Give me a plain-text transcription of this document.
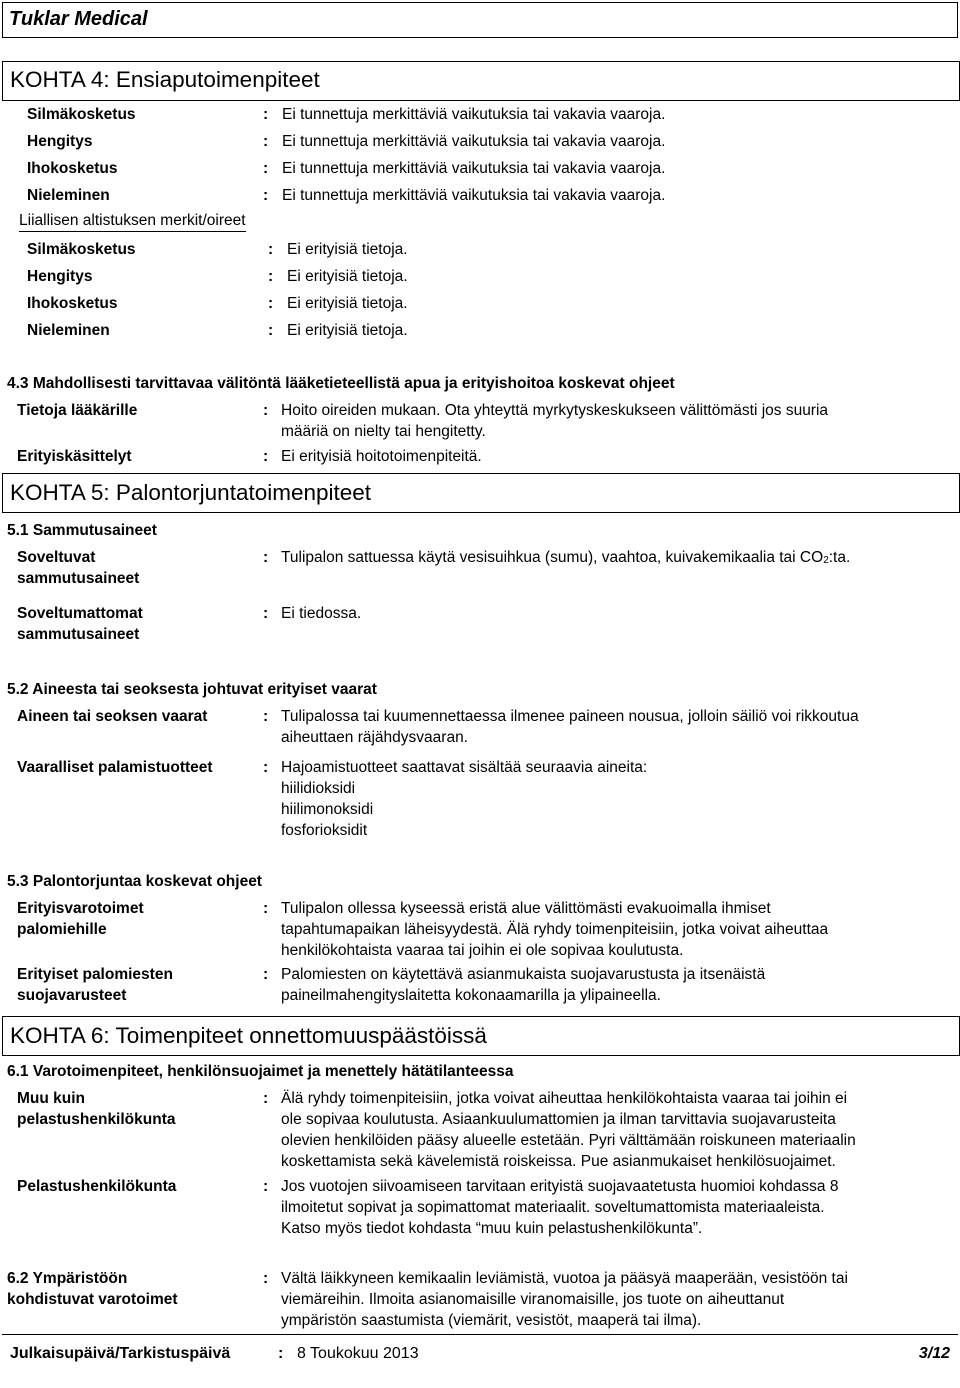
Tuklar Medical
KOHTA 4: Ensiaputoimenpiteet
Silmäkosketus	: Ei tunnettuja merkittäviä vaikutuksia tai vakavia vaaroja.
Hengitys	: Ei tunnettuja merkittäviä vaikutuksia tai vakavia vaaroja.
Ihokosketus	: Ei tunnettuja merkittäviä vaikutuksia tai vakavia vaaroja.
Nieleminen	: Ei tunnettuja merkittäviä vaikutuksia tai vakavia vaaroja.
Liiallisen altistuksen merkit/oireet
Silmäkosketus	: Ei erityisiä tietoja.
Hengitys	: Ei erityisiä tietoja.
Ihokosketus	: Ei erityisiä tietoja.
Nieleminen	: Ei erityisiä tietoja.
4.3 Mahdollisesti tarvittavaa välitöntä lääketieteellistä apua ja erityishoitoa koskevat ohjeet
Tietoja lääkärille	: Hoito oireiden mukaan. Ota yhteyttä myrkytyskeskukseen välittömästi jos suuria
määriä on nielty tai hengitetty.
Erityiskäsittelyt	: Ei erityisiä hoitotoimenpiteitä.
KOHTA 5: Palontorjuntatoimenpiteet
5.1 Sammutusaineet
Soveltuvat
sammutusaineet
: Tulipalon sattuessa käytä vesisuihkua (sumu), vaahtoa, kuivakemikaalia tai $CO_2:ta$.
Soveltumattomat
sammutusaineet
: Ei tiedossa.
5.2 Aineesta tai seoksesta johtuvat erityiset vaarat
Aineen tai seoksen vaarat	: Tulipalossa tai kuumennettaessa ilmenee paineen nousua, jolloin säiliö voi rikkoutua
aiheuttaen räjähdysvaaran.
Vaaralliset palamistuotteet	: Hajoamistuotteet saattavat sisältää seuraavia aineita:
hiilidioksidi
hiilimonoksidi
fosforioksidit
5.3 Palontorjuntaa koskevat ohjeet
Erityisvarotoimet
palomiehille
: Tulipalon ollessa kyseessä eristä alue välittömästi evakuoimalla ihmiset
tapahtumapaikan läheisyydestä. Älä ryhdy toimenpiteisiin, jotka voivat aiheuttaa
henkilökohtaista vaaraa tai joihin ei ole sopivaa koulutusta.
Erityiset palomiesten
suojavarusteet
: Palomiesten on käytettävä asianmukaista suojavarustusta ja itsenäistä
paineilmahengityslaitetta kokonaamarilla ja ylipaineella.
KOHTA 6: Toimenpiteet onnettomuuspäästöissä
6.1 Varotoimenpiteet, henkilönsuojaimet ja menettely hätätilanteessa
Muu kuin
pelastushenkilökunta
: Älä ryhdy toimenpiteisiin, jotka voivat aiheuttaa henkilökohtaista vaaraa tai joihin ei
ole sopivaa koulutusta. Asiaankuulumattomien ja ilman tarvittavia suojavarusteita
olevien henkilöiden pääsy alueelle estetään. Pyri välttämään roiskuneen materiaalin
koskettamista sekä kävelemistä roiskeissa. Pue asianmukaiset henkilösuojaimet.
Pelastushenkilökunta	: Jos vuotojen siivoamiseen tarvitaan erityistä suojavaatetusta huomioi kohdassa 8
ilmoitetut sopivat ja sopimattomat materiaalit. soveltumattomista materiaaleista.
Katso myös tiedot kohdasta “muu kuin pelastushenkilökunta”.
6.2 Ympäristöön
kohdistuvat varotoimet
: Vältä läikkyneen kemikaalin leviämistä, vuotoa ja pääsyä maaperään, vesistöön tai
viemäreihin. Ilmoita asianomaisille viranomaisille, jos tuote on aiheuttanut
ympäristön saastumista (viemärit, vesistöt, maaperä tai ilma).
Julkaisupäivä/Tarkistuspäivä	: 8 Toukokuu 2013	3/12
